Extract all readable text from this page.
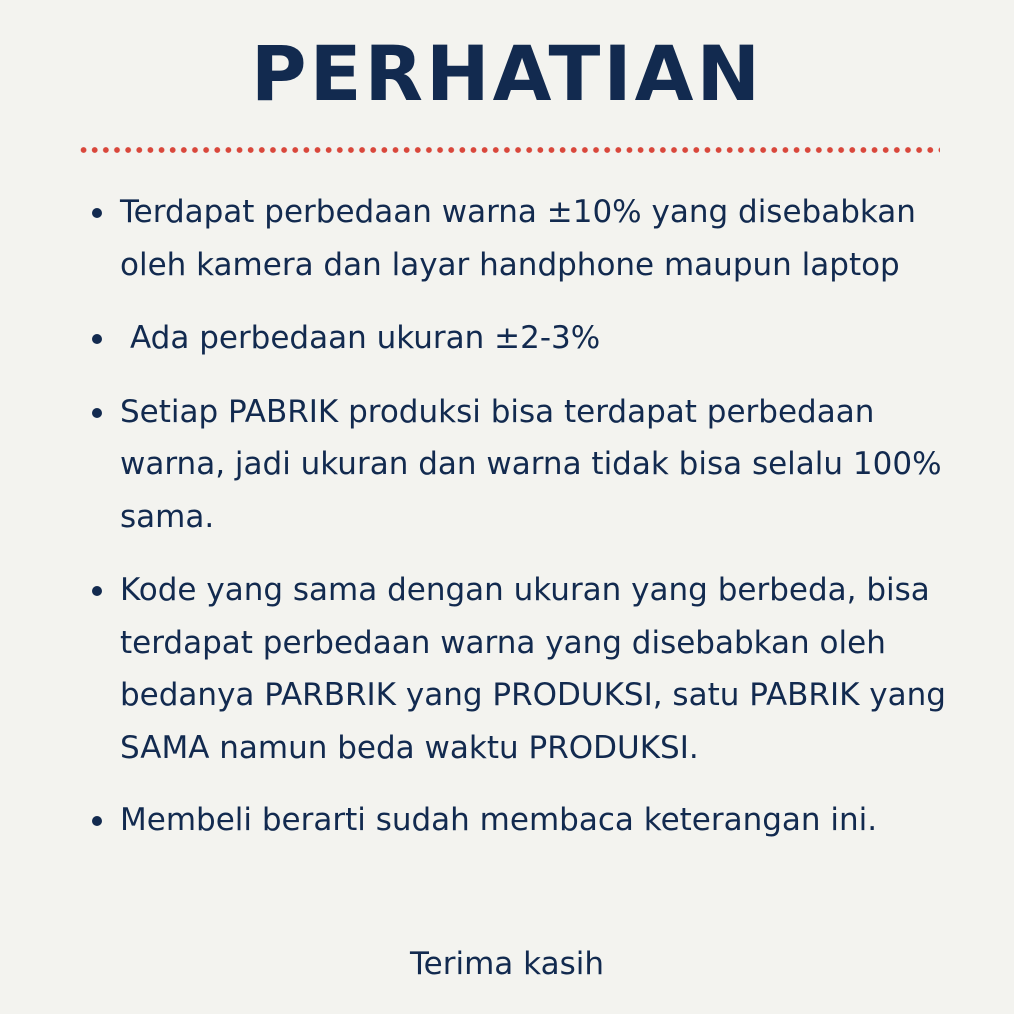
PERHATIAN
Terdapat perbedaan warna ±10% yang disebabkan oleh kamera dan layar handphone maupun laptop
Ada perbedaan ukuran ±2-3%
Setiap PABRIK produksi bisa terdapat perbedaan warna, jadi ukuran dan warna tidak bisa selalu 100% sama.
Kode yang sama dengan ukuran yang berbeda, bisa terdapat perbedaan warna yang disebabkan oleh bedanya PARBRIK yang PRODUKSI, satu PABRIK yang SAMA namun beda waktu PRODUKSI.
Membeli berarti sudah membaca keterangan ini.

Terima kasih
